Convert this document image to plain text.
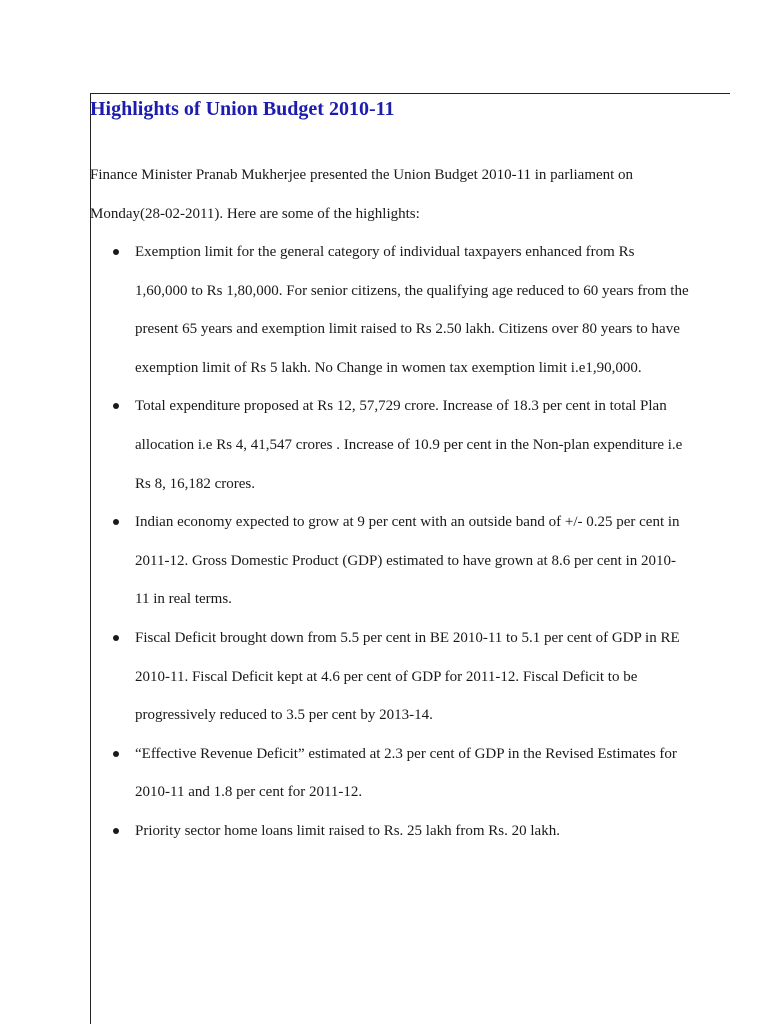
Highlights of Union Budget 2010-11

Finance Minister Pranab Mukherjee presented the Union Budget 2010-11 in parliament on Monday(28-02-2011). Here are some of the highlights:

Exemption limit for the general category of individual taxpayers enhanced from Rs 1,60,000 to Rs 1,80,000. For senior citizens, the qualifying age reduced to 60 years from the present 65 years and exemption limit raised to Rs 2.50 lakh. Citizens over 80 years to have exemption limit of Rs 5 lakh. No Change in women tax exemption limit i.e1,90,000.
Total expenditure proposed at Rs 12, 57,729 crore. Increase of 18.3 per cent in total Plan allocation i.e Rs 4, 41,547 crores . Increase of 10.9 per cent in the Non-plan expenditure i.e Rs 8, 16,182 crores.
Indian economy expected to grow at 9 per cent with an outside band of +/- 0.25 per cent in 2011-12. Gross Domestic Product (GDP) estimated to have grown at 8.6 per cent in 2010-11 in real terms.
Fiscal Deficit brought down from 5.5 per cent in BE 2010-11 to 5.1 per cent of GDP in RE 2010-11. Fiscal Deficit kept at 4.6 per cent of GDP for 2011-12. Fiscal Deficit to be progressively reduced to 3.5 per cent by 2013-14.
“Effective Revenue Deficit” estimated at 2.3 per cent of GDP in the Revised Estimates for 2010-11 and 1.8 per cent for 2011-12.
Priority sector home loans limit raised to Rs. 25 lakh from Rs. 20 lakh.
